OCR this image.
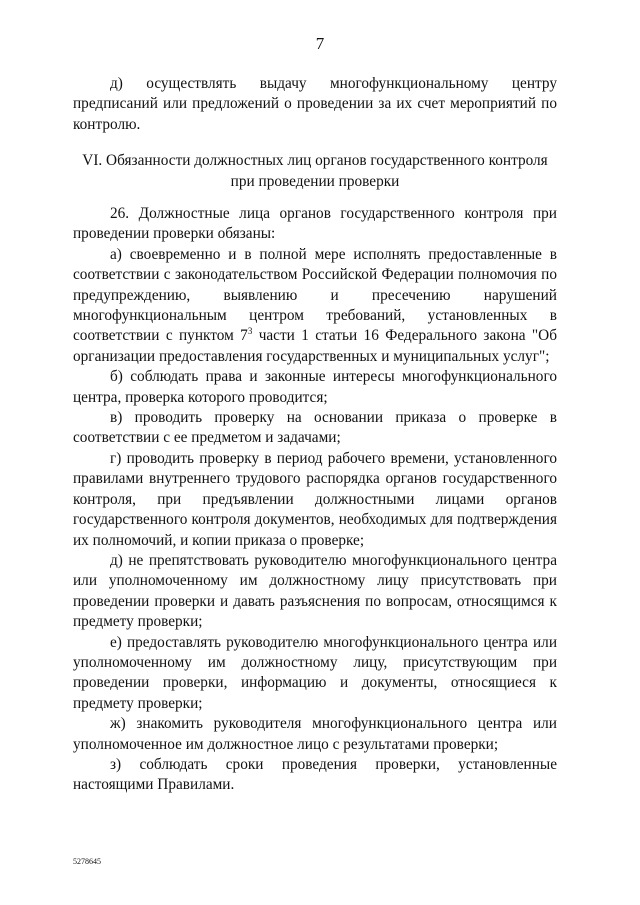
7

д) осуществлять выдачу многофункциональному центру предписаний или предложений о проведении за их счет мероприятий по контролю.

VI. Обязанности должностных лиц органов государственного контроля
при проведении проверки

26. Должностные лица органов государственного контроля при проведении проверки обязаны:

а) своевременно и в полной мере исполнять предоставленные в соответствии с законодательством Российской Федерации полномочия по предупреждению, выявлению и пресечению нарушений многофункциональным центром требований, установленных в соответствии с пунктом $7^3$ части 1 статьи 16 Федерального закона "Об организации предоставления государственных и муниципальных услуг";

б) соблюдать права и законные интересы многофункционального центра, проверка которого проводится;

в) проводить проверку на основании приказа о проверке в соответствии с ее предметом и задачами;

г) проводить проверку в период рабочего времени, установленного правилами внутреннего трудового распорядка органов государственного контроля, при предъявлении должностными лицами органов государственного контроля документов, необходимых для подтверждения их полномочий, и копии приказа о проверке;

д) не препятствовать руководителю многофункционального центра или уполномоченному им должностному лицу присутствовать при проведении проверки и давать разъяснения по вопросам, относящимся к предмету проверки;

е) предоставлять руководителю многофункционального центра или уполномоченному им должностному лицу, присутствующим при проведении проверки, информацию и документы, относящиеся к предмету проверки;

ж) знакомить руководителя многофункционального центра или уполномоченное им должностное лицо с результатами проверки;

з) соблюдать сроки проведения проверки, установленные настоящими Правилами.

5278645
